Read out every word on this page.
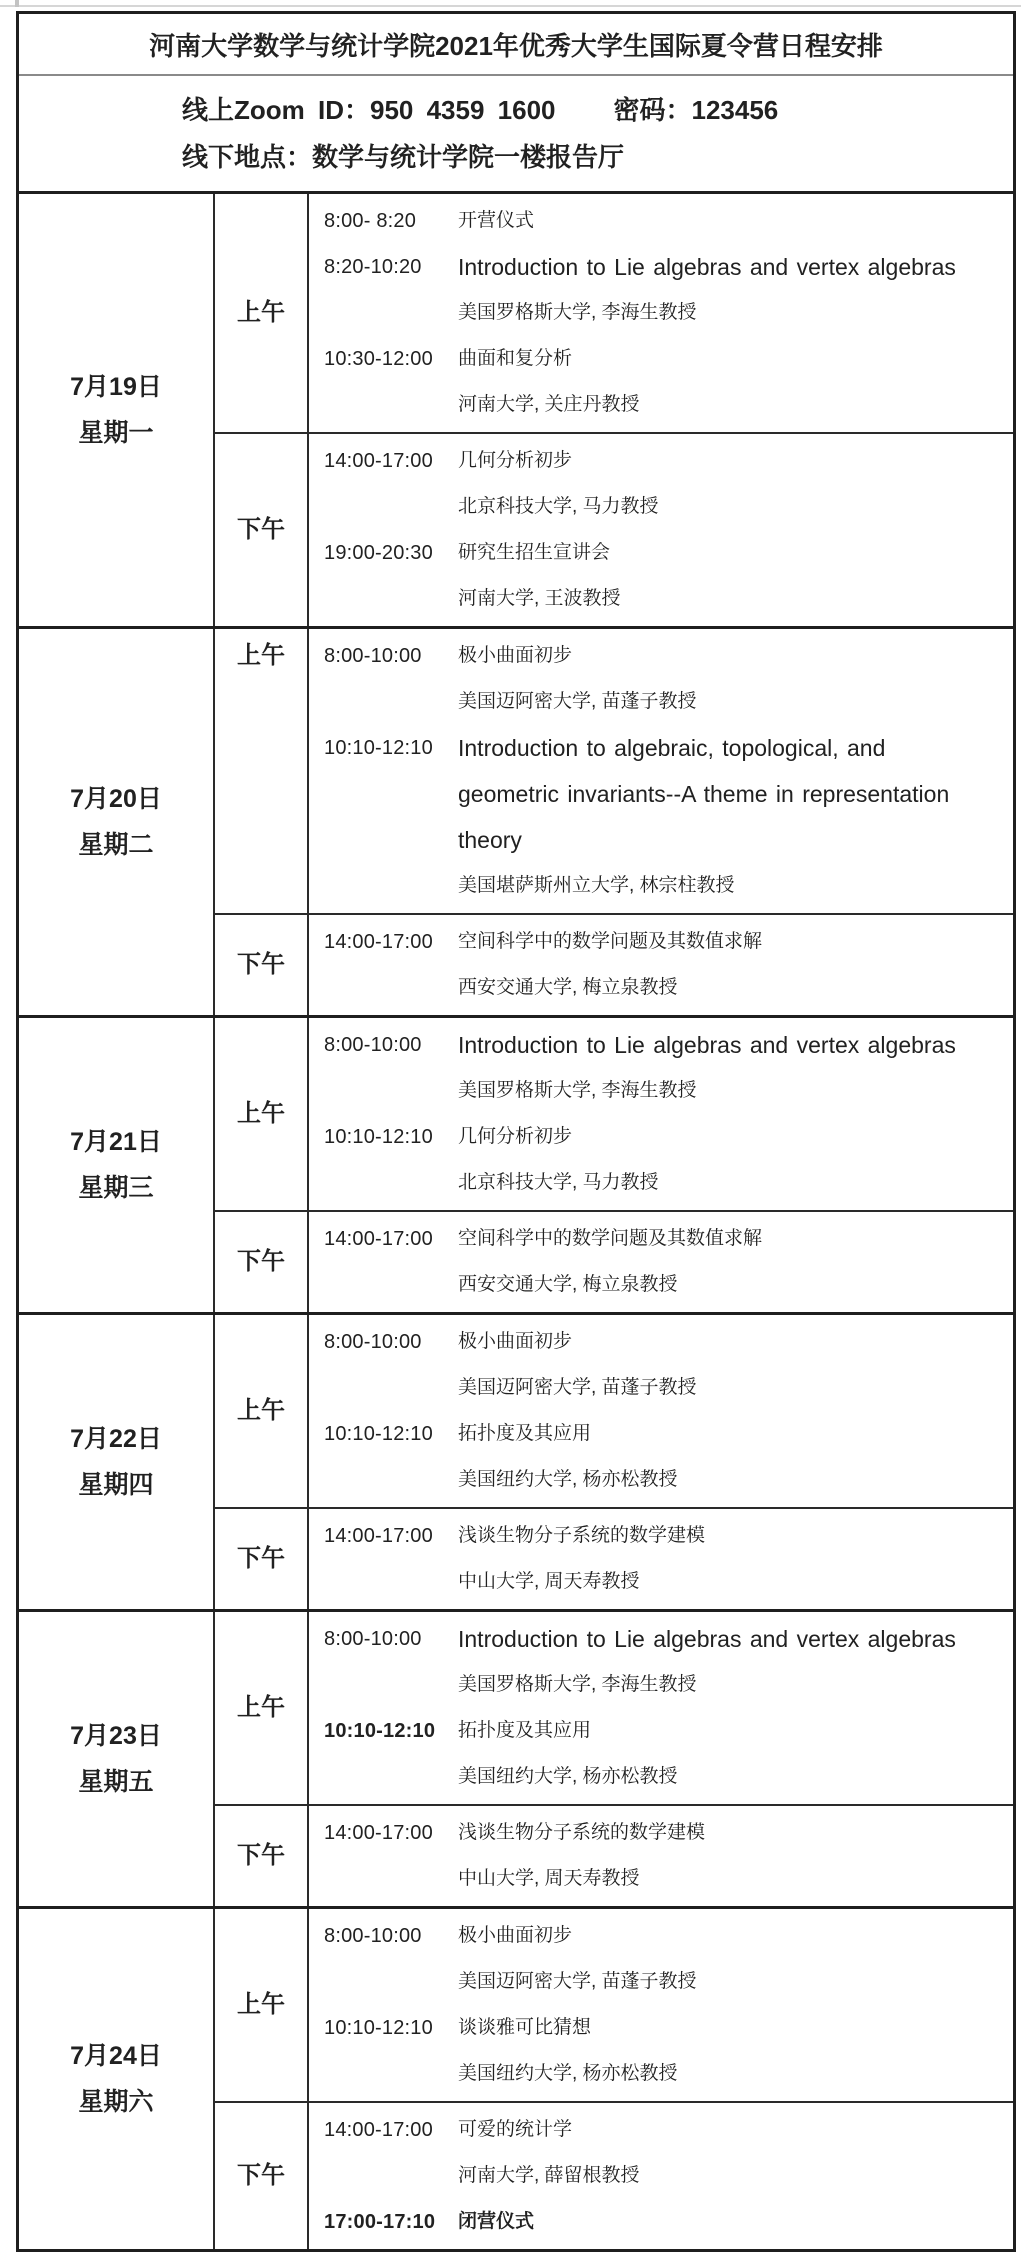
河南大学数学与统计学院2021年优秀大学生国际夏令营日程安排
线上Zoom ID：950 4359 1600 密码：123456
线下地点：数学与统计学院一楼报告厅
7月19日
星期一
上午
8:00- 8:20	开营仪式
8:20-10:20	Introduction to Lie algebras and vertex algebras
美国罗格斯大学, 李海生教授
10:30-12:00	曲面和复分析
河南大学, 关庄丹教授
下午
14:00-17:00	几何分析初步
北京科技大学, 马力教授
19:00-20:30	研究生招生宣讲会
河南大学, 王波教授
7月20日
星期二
上午	8:00-10:00	极小曲面初步
美国迈阿密大学, 苗蓬子教授
10:10-12:10	Introduction to algebraic, topological, and
geometric invariants--A theme in representation
theory
美国堪萨斯州立大学, 林宗柱教授
下午
14:00-17:00	空间科学中的数学问题及其数值求解
西安交通大学, 梅立泉教授
7月21日
星期三
上午
8:00-10:00	Introduction to Lie algebras and vertex algebras
美国罗格斯大学, 李海生教授
10:10-12:10	几何分析初步
北京科技大学, 马力教授
下午
14:00-17:00	空间科学中的数学问题及其数值求解
西安交通大学, 梅立泉教授
7月22日
星期四
上午
8:00-10:00	极小曲面初步
美国迈阿密大学, 苗蓬子教授
10:10-12:10	拓扑度及其应用
美国纽约大学, 杨亦松教授
下午
14:00-17:00	浅谈生物分子系统的数学建模
中山大学, 周天寿教授
7月23日
星期五
上午
8:00-10:00	Introduction to Lie algebras and vertex algebras
美国罗格斯大学, 李海生教授
10:10-12:10	拓扑度及其应用
美国纽约大学, 杨亦松教授
下午
14:00-17:00	浅谈生物分子系统的数学建模
中山大学, 周天寿教授
7月24日
星期六
上午
8:00-10:00	极小曲面初步
美国迈阿密大学, 苗蓬子教授
10:10-12:10	谈谈雅可比猜想
美国纽约大学, 杨亦松教授
下午
14:00-17:00	可爱的统计学
河南大学, 薛留根教授
17:00-17:10	闭营仪式
